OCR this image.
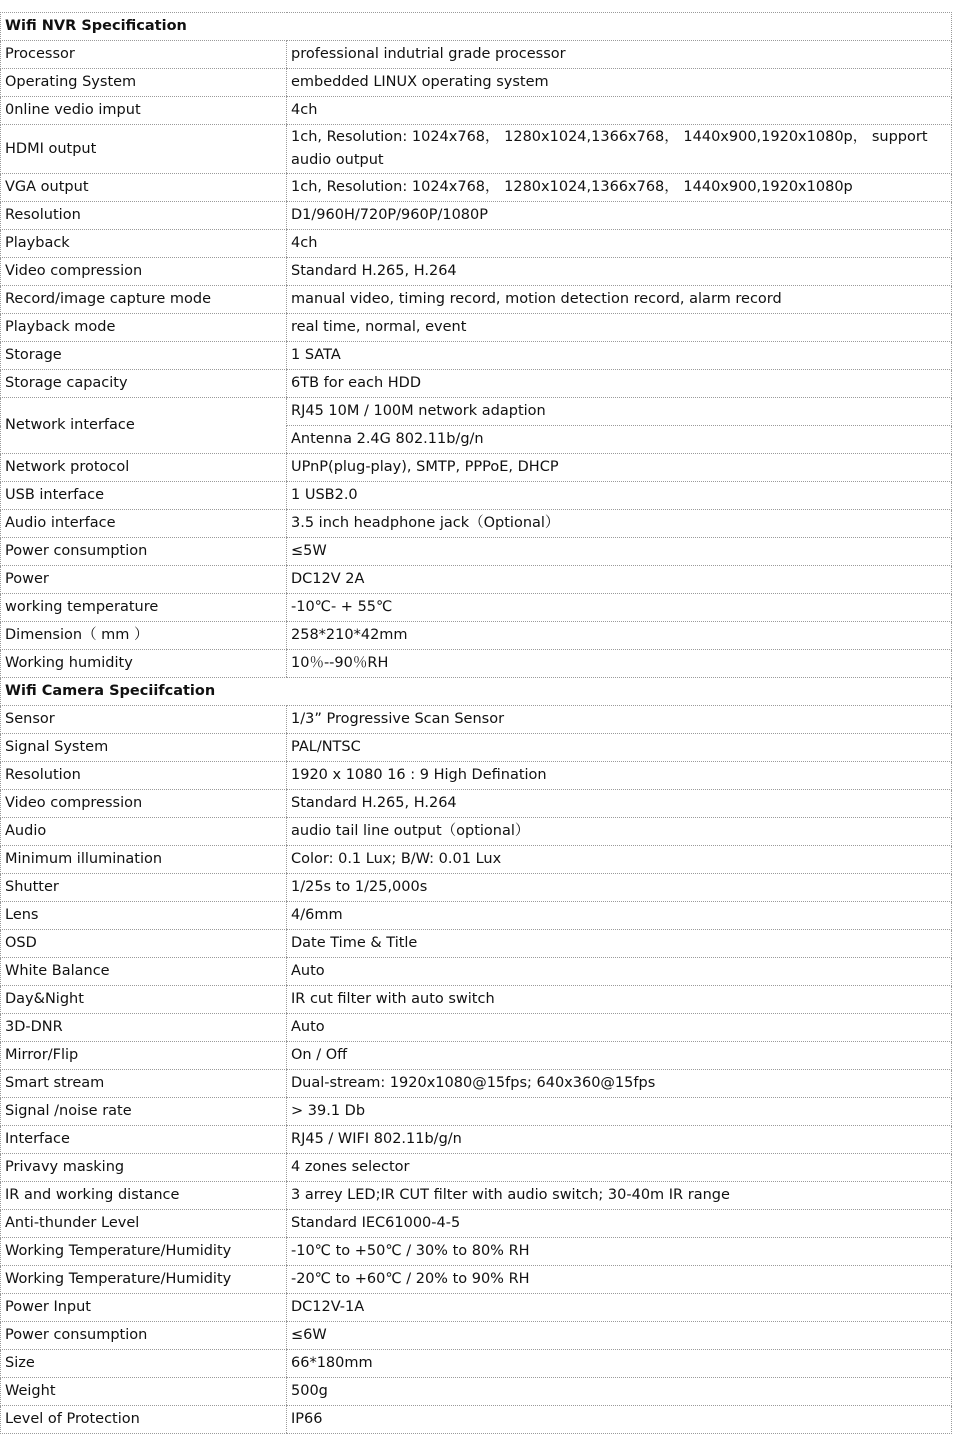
Wifi NVR Specification	
Processor	professional indutrial grade processor
Operating System	embedded LINUX operating system
0nline vedio imput	4ch
HDMI output	1ch, Resolution: 1024x768， 1280x1024,1366x768， 1440x900,1920x1080p， support audio output
VGA output	1ch, Resolution: 1024x768， 1280x1024,1366x768， 1440x900,1920x1080p
Resolution	D1/960H/720P/960P/1080P
Playback	4ch
Video compression	Standard H.265, H.264
Record/image capture mode	manual video, timing record, motion detection record, alarm record
Playback mode	real time, normal, event
Storage	1 SATA
Storage capacity	6TB for each HDD
Network interface	RJ45 10M / 100M network adaption
	Antenna 2.4G 802.11b/g/n
Network protocol	UPnP(plug-play), SMTP, PPPoE, DHCP
USB interface	1 USB2.0
Audio interface	3.5 inch headphone jack（Optional）
Power consumption	≤5W
Power	DC12V 2A
working temperature	-10℃- + 55℃
Dimension（ mm ）	258*210*42mm
Working humidity	10％--90％RH
Wifi Camera Speciifcation	
Sensor	1/3” Progressive Scan Sensor
Signal System	PAL/NTSC
Resolution	1920 x 1080 16 : 9 High Defination
Video compression	Standard H.265, H.264
Audio	audio tail line output（optional）
Minimum illumination	Color: 0.1 Lux; B/W: 0.01 Lux
Shutter	1/25s to 1/25,000s
Lens	4/6mm
OSD	Date Time & Title
White Balance	Auto
Day&Night	IR cut filter with auto switch
3D-DNR	Auto
Mirror/Flip	On / Off
Smart stream	Dual-stream: 1920x1080@15fps; 640x360@15fps
Signal /noise rate	> 39.1 Db
Interface	RJ45 / WIFI 802.11b/g/n
Privavy masking	4 zones selector
IR and working distance	3 arrey LED;IR CUT filter with audio switch; 30-40m IR range
Anti-thunder Level	Standard IEC61000-4-5
Working Temperature/Humidity	-10℃ to +50℃ / 30% to 80% RH
Working Temperature/Humidity	-20℃ to +60℃ / 20% to 90% RH
Power Input	DC12V-1A
Power consumption	≤6W
Size	66*180mm
Weight	500g
Level of Protection	IP66
